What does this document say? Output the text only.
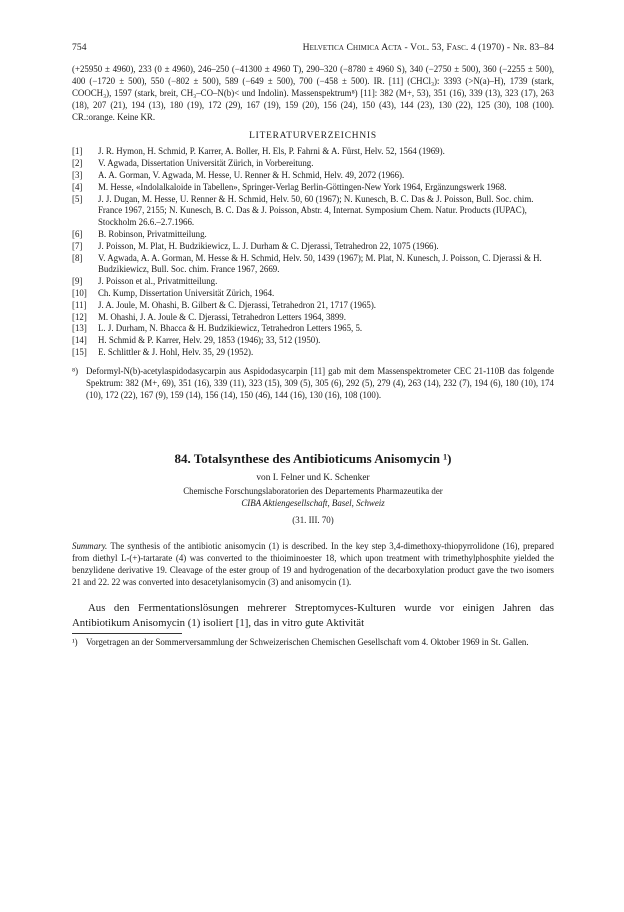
754	Helvetica Chimica Acta - Vol. 53, Fasc. 4 (1970) - Nr. 83–84

(+25950 ± 4960), 233 (0 ± 4960), 246–250 (−41300 ± 4960 T), 290–320 (−8780 ± 4960 S), 340 (−2750 ± 500), 360 (−2255 ± 500), 400 (−1720 ± 500), 550 (−802 ± 500), 589 (−649 ± 500), 700 (−458 ± 500). IR. [11] (CHCl₃): 3393 (>N(a)–H), 1739 (stark, COOCH₃), 1597 (stark, breit, CH₃–CO–N(b)< und Indolin). Massenspektrum⁸) [11]: 382 (M+, 53), 351 (16), 339 (13), 323 (17), 263 (18), 207 (21), 194 (13), 180 (19), 172 (29), 167 (19), 159 (20), 156 (24), 150 (43), 144 (23), 130 (22), 125 (30), 108 (100). CR.:orange. Keine KR.

LITERATURVERZEICHNIS
[1]	J. R. Hymon, H. Schmid, P. Karrer, A. Boller, H. Els, P. Fahrni & A. Fürst, Helv. 52, 1564 (1969).
[2]	V. Agwada, Dissertation Universität Zürich, in Vorbereitung.
[3]	A. A. Gorman, V. Agwada, M. Hesse, U. Renner & H. Schmid, Helv. 49, 2072 (1966).
[4]	M. Hesse, «Indolalkaloide in Tabellen», Springer-Verlag Berlin-Göttingen-New York 1964, Ergänzungswerk 1968.
[5]	J. J. Dugan, M. Hesse, U. Renner & H. Schmid, Helv. 50, 60 (1967); N. Kunesch, B. C. Das & J. Poisson, Bull. Soc. chim. France 1967, 2155; N. Kunesch, B. C. Das & J. Poisson, Abstr. 4, Internat. Symposium Chem. Natur. Products (IUPAC), Stockholm 26.6.–2.7.1966.
[6]	B. Robinson, Privatmitteilung.
[7]	J. Poisson, M. Plat, H. Budzikiewicz, L. J. Durham & C. Djerassi, Tetrahedron 22, 1075 (1966).
[8]	V. Agwada, A. A. Gorman, M. Hesse & H. Schmid, Helv. 50, 1439 (1967); M. Plat, N. Kunesch, J. Poisson, C. Djerassi & H. Budzikiewicz, Bull. Soc. chim. France 1967, 2669.
[9]	J. Poisson et al., Privatmitteilung.
[10]	Ch. Kump, Dissertation Universität Zürich, 1964.
[11]	J. A. Joule, M. Ohashi, B. Gilbert & C. Djerassi, Tetrahedron 21, 1717 (1965).
[12]	M. Ohashi, J. A. Joule & C. Djerassi, Tetrahedron Letters 1964, 3899.
[13]	L. J. Durham, N. Bhacca & H. Budzikiewicz, Tetrahedron Letters 1965, 5.
[14]	H. Schmid & P. Karrer, Helv. 29, 1853 (1946); 33, 512 (1950).
[15]	E. Schlittler & J. Hohl, Helv. 35, 29 (1952).
⁸) Deformyl-N(b)-acetylaspidodasycarpin aus Aspidodasycarpin [11] gab mit dem Massenspektrometer CEC 21-110B das folgende Spektrum: 382 (M+, 69), 351 (16), 339 (11), 323 (15), 309 (5), 305 (6), 292 (5), 279 (4), 263 (14), 232 (7), 194 (6), 180 (10), 174 (10), 172 (22), 167 (9), 159 (14), 156 (14), 150 (46), 144 (16), 130 (16), 108 (100).
84. Totalsynthese des Antibioticums Anisomycin ¹)

von I. Felner und K. Schenker

Chemische Forschungslaboratorien des Departements Pharmazeutika der

CIBA Aktiengesellschaft, Basel, Schweiz

(31. III. 70)

Summary. The synthesis of the antibiotic anisomycin (1) is described. In the key step 3,4-dimethoxy-thiopyrrolidone (16), prepared from diethyl L-(+)-tartarate (4) was converted to the thioiminoester 18, which upon treatment with trimethylphosphite yielded the benzylidene derivative 19. Cleavage of the ester group of 19 and hydrogenation of the decarboxylation product gave the two isomers 21 and 22. 22 was converted into desacetylanisomycin (3) and anisomycin (1).

Aus den Fermentationslösungen mehrerer Streptomyces-Kulturen wurde vor einigen Jahren das Antibiotikum Anisomycin (1) isoliert [1], das in vitro gute Aktivität

¹) Vorgetragen an der Sommerversammlung der Schweizerischen Chemischen Gesellschaft vom 4. Oktober 1969 in St. Gallen.
